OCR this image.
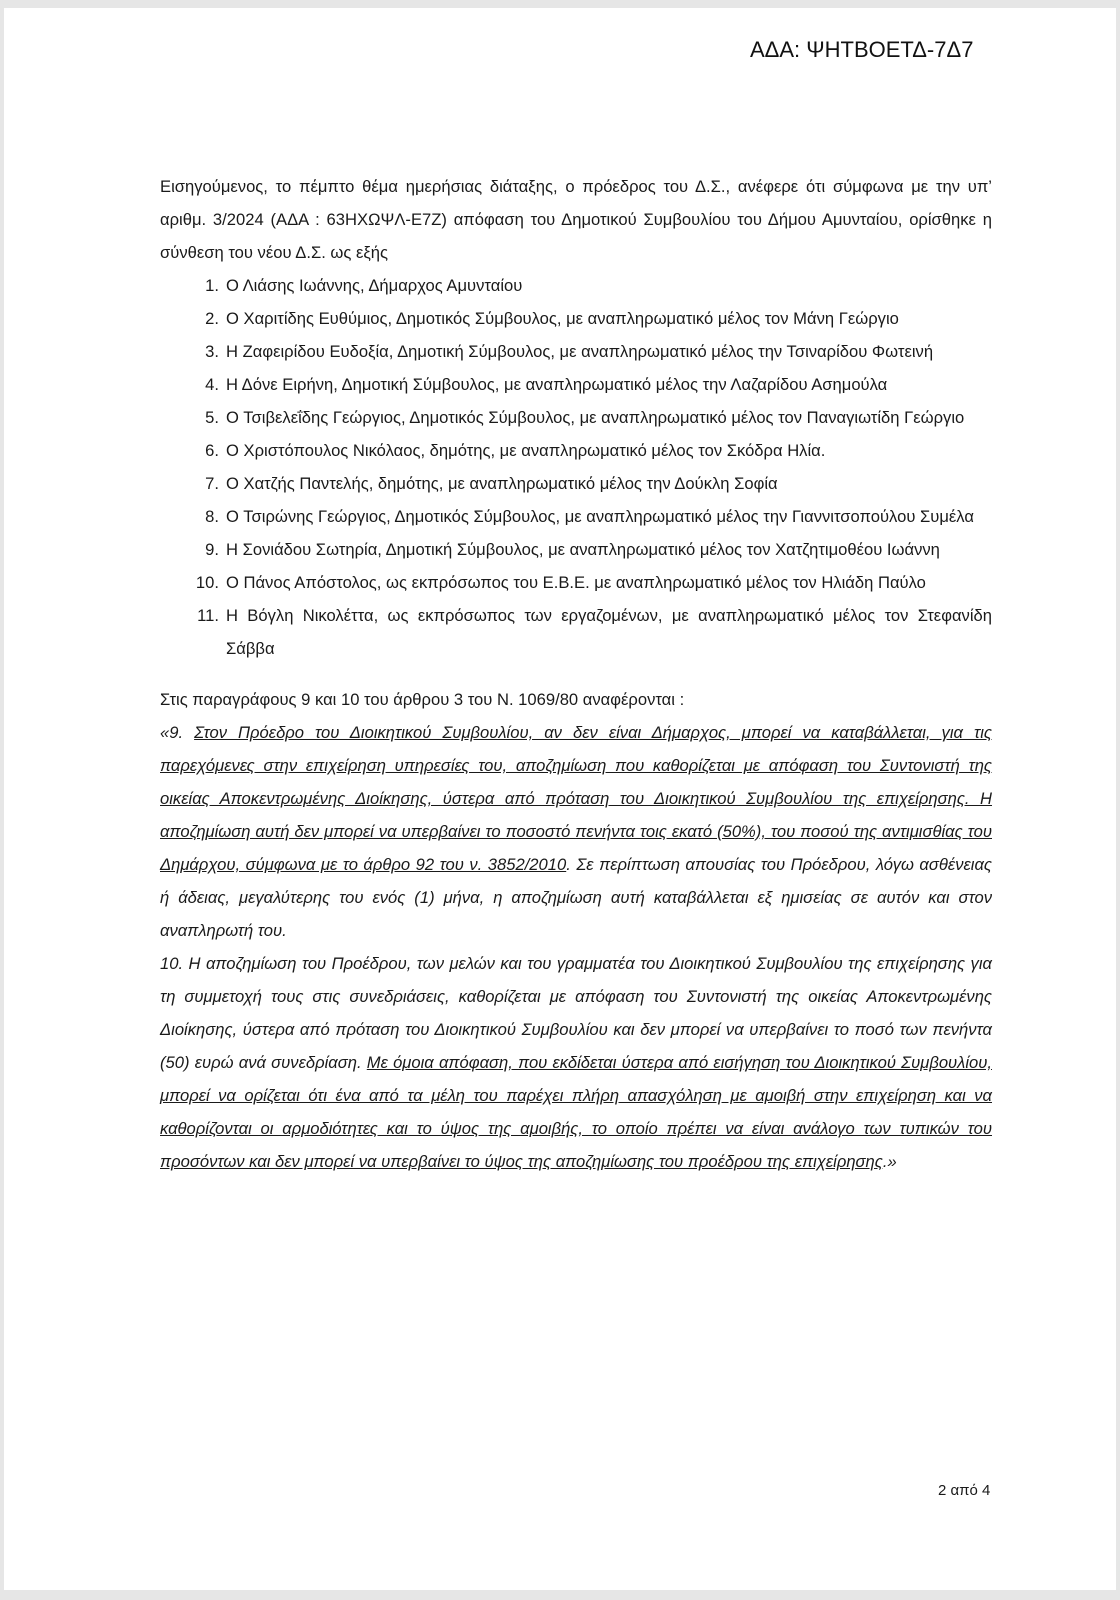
ΑΔΑ: ΨΗΤΒΟΕΤΔ-7Δ7

Εισηγούμενος, το πέμπτο θέμα ημερήσιας διάταξης, ο πρόεδρος του Δ.Σ., ανέφερε ότι σύμφωνα με την υπ’ αριθμ. 3/2024 (ΑΔΑ : 63ΗΧΩΨΛ-Ε7Ζ) απόφαση του Δημοτικού Συμβουλίου του Δήμου Αμυνταίου, ορίσθηκε η σύνθεση του νέου Δ.Σ. ως εξής

1. Ο Λιάσης Ιωάννης, Δήμαρχος Αμυνταίου
2. Ο Χαριτίδης Ευθύμιος, Δημοτικός Σύμβουλος, με αναπληρωματικό μέλος τον Μάνη Γεώργιο
3. Η Ζαφειρίδου Ευδοξία, Δημοτική Σύμβουλος, με αναπληρωματικό μέλος την Τσιναρίδου Φωτεινή
4. Η Δόνε Ειρήνη, Δημοτική Σύμβουλος, με αναπληρωματικό μέλος την Λαζαρίδου Ασημούλα
5. Ο Τσιβελεΐδης Γεώργιος, Δημοτικός Σύμβουλος, με αναπληρωματικό μέλος τον Παναγιωτίδη Γεώργιο
6. Ο Χριστόπουλος Νικόλαος, δημότης, με αναπληρωματικό μέλος τον Σκόδρα Ηλία.
7. Ο Χατζής Παντελής, δημότης, με αναπληρωματικό μέλος την Δούκλη Σοφία
8. Ο Τσιρώνης Γεώργιος, Δημοτικός Σύμβουλος, με αναπληρωματικό μέλος την Γιαννιτσοπούλου Συμέλα
9. Η Σονιάδου Σωτηρία, Δημοτική Σύμβουλος, με αναπληρωματικό μέλος τον Χατζητιμοθέου Ιωάννη
10. Ο Πάνος Απόστολος, ως εκπρόσωπος του Ε.Β.Ε. με αναπληρωματικό μέλος τον Ηλιάδη Παύλο
11. Η Βόγλη Νικολέττα, ως εκπρόσωπος των εργαζομένων, με αναπληρωματικό μέλος τον Στεφανίδη Σάββα

Στις παραγράφους 9 και 10 του άρθρου 3 του Ν. 1069/80 αναφέρονται :

«9. Στον Πρόεδρο του Διοικητικού Συμβουλίου, αν δεν είναι Δήμαρχος, μπορεί να καταβάλλεται, για τις παρεχόμενες στην επιχείρηση υπηρεσίες του, αποζημίωση που καθορίζεται με απόφαση του Συντονιστή της οικείας Αποκεντρωμένης Διοίκησης, ύστερα από πρόταση του Διοικητικού Συμβουλίου της επιχείρησης. Η αποζημίωση αυτή δεν μπορεί να υπερβαίνει το ποσοστό πενήντα τοις εκατό (50%), του ποσού της αντιμισθίας του Δημάρχου, σύμφωνα με το άρθρο 92 του ν. 3852/2010. Σε περίπτωση απουσίας του Πρόεδρου, λόγω ασθένειας ή άδειας, μεγαλύτερης του ενός (1) μήνα, η αποζημίωση αυτή καταβάλλεται εξ ημισείας σε αυτόν και στον αναπληρωτή του.
10. Η αποζημίωση του Προέδρου, των μελών και του γραμματέα του Διοικητικού Συμβουλίου της επιχείρησης για τη συμμετοχή τους στις συνεδριάσεις, καθορίζεται με απόφαση του Συντονιστή της οικείας Αποκεντρωμένης Διοίκησης, ύστερα από πρόταση του Διοικητικού Συμβουλίου και δεν μπορεί να υπερβαίνει το ποσό των πενήντα (50) ευρώ ανά συνεδρίαση. Με όμοια απόφαση, που εκδίδεται ύστερα από εισήγηση του Διοικητικού Συμβουλίου, μπορεί να ορίζεται ότι ένα από τα μέλη του παρέχει πλήρη απασχόληση με αμοιβή στην επιχείρηση και να καθορίζονται οι αρμοδιότητες και το ύψος της αμοιβής, το οποίο πρέπει να είναι ανάλογο των τυπικών του προσόντων και δεν μπορεί να υπερβαίνει το ύψος της αποζημίωσης του προέδρου της επιχείρησης.»

2 από 4
